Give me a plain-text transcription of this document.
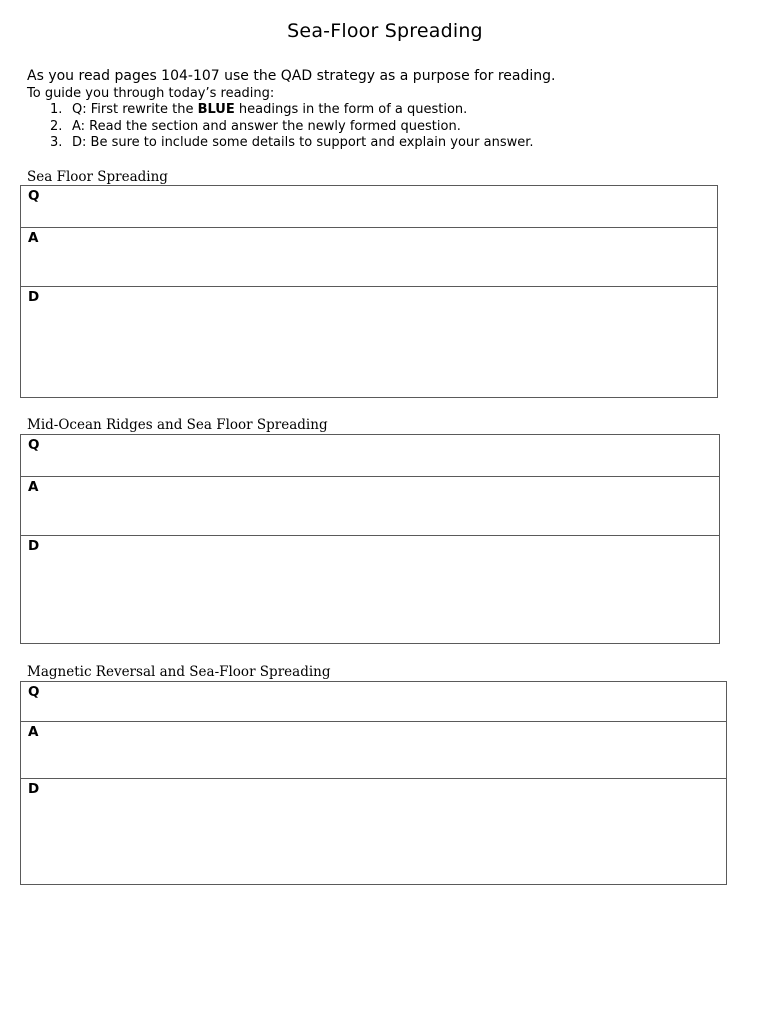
Sea-Floor Spreading
As you read pages 104-107 use the QAD strategy as a purpose for reading.
To guide you through today’s reading:
1. Q: First rewrite the BLUE headings in the form of a question.
2. A: Read the section and answer the newly formed question.
3. D: Be sure to include some details to support and explain your answer.
Sea Floor Spreading
Q
A
D
Mid-Ocean Ridges and Sea Floor Spreading
Q
A
D
Magnetic Reversal and Sea-Floor Spreading
Q
A
D
